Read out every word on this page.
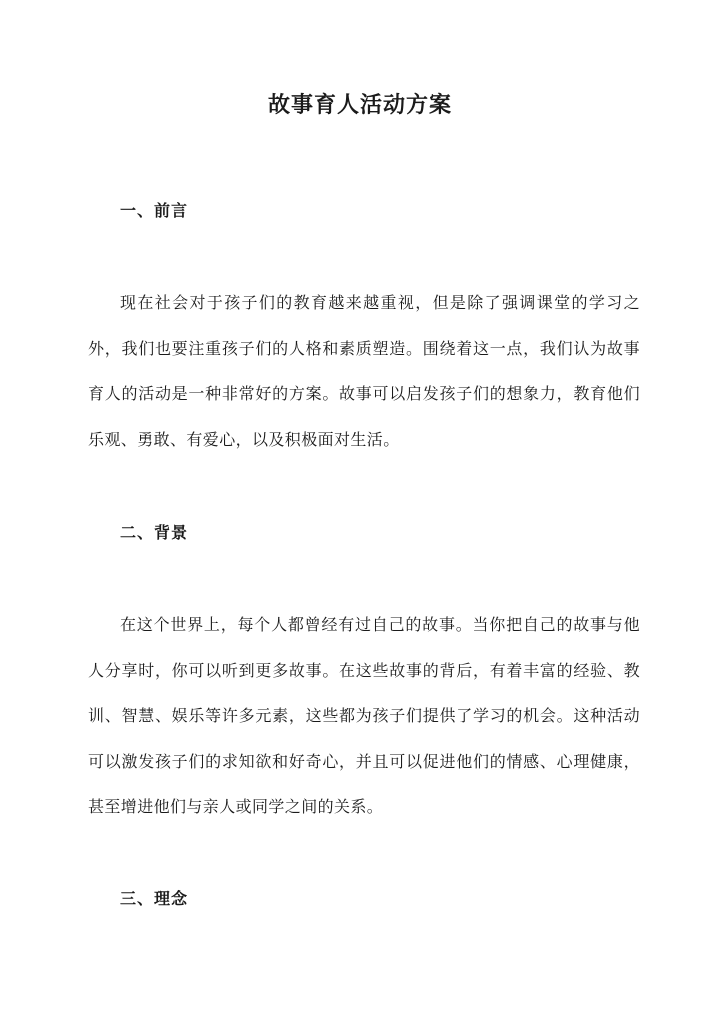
故事育人活动方案
一、前言

现在社会对于孩子们的教育越来越重视，但是除了强调课堂的学习之外，我们也要注重孩子们的人格和素质塑造。围绕着这一点，我们认为故事育人的活动是一种非常好的方案。故事可以启发孩子们的想象力，教育他们乐观、勇敢、有爱心，以及积极面对生活。

二、背景

在这个世界上，每个人都曾经有过自己的故事。当你把自己的故事与他人分享时，你可以听到更多故事。在这些故事的背后，有着丰富的经验、教训、智慧、娱乐等许多元素，这些都为孩子们提供了学习的机会。这种活动可以激发孩子们的求知欲和好奇心，并且可以促进他们的情感、心理健康，甚至增进他们与亲人或同学之间的关系。

三、理念
